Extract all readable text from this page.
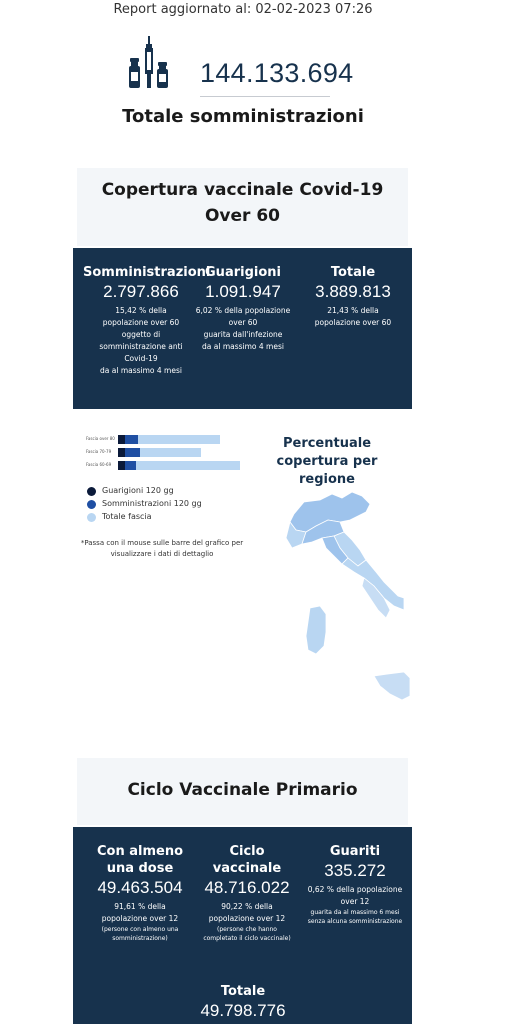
Report aggiornato al: 02-02-2023 07:26
144.133.694
Totale somministrazioni
Copertura vaccinale Covid-19
Over 60
Somministrazioni
2.797.866
15,42 % della
popolazione over 60
oggetto di
somministrazione anti
Covid-19
da al massimo 4 mesi
Guarigioni
1.091.947
6,02 % della popolazione
over 60
guarita dall'infezione
da al massimo 4 mesi
Totale
3.889.813
21,43 % della
popolazione over 60
Fascia over 80
Fascia 70-79
Fascia 60-69
Guarigioni 120 gg
Somministrazioni 120 gg
Totale fascia
*Passa con il mouse sulle barre del grafico per
visualizzare i dati di dettaglio
Percentuale
copertura per regione
Ciclo Vaccinale Primario
Con almeno
una dose
49.463.504
91,61 % della
popolazione over 12
(persone con almeno una
somministrazione)
Ciclo
vaccinale
48.716.022
90,22 % della
popolazione over 12
(persone che hanno
completato il ciclo vaccinale)
Guariti
335.272
0,62 % della popolazione
over 12
guarita da al massimo 6 mesi
senza alcuna somministrazione
Totale
49.798.776
